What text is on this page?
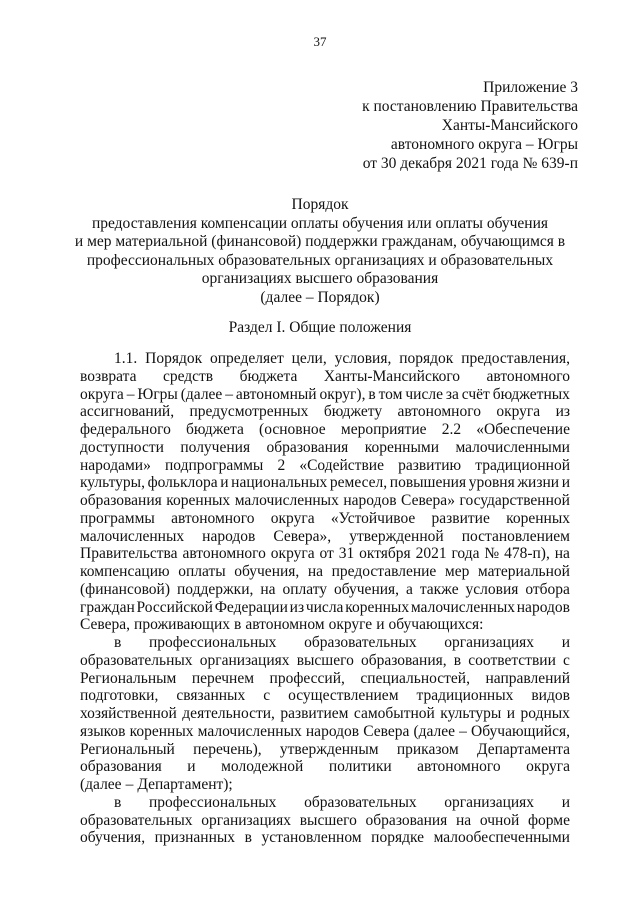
37
Приложение 3
к постановлению Правительства
Ханты-Мансийского
автономного округа – Югры
от 30 декабря 2021 года № 639-п
Порядок
предоставления компенсации оплаты обучения или оплаты обучения
и мер материальной (финансовой) поддержки гражданам, обучающимся в
профессиональных образовательных организациях и образовательных
организациях высшего образования
(далее – Порядок)
Раздел I. Общие положения
1.1. Порядок определяет цели, условия, порядок предоставления,
возврата средств бюджета Ханты-Мансийского автономного
округа – Югры (далее – автономный округ), в том числе за счёт бюджетных
ассигнований, предусмотренных бюджету автономного округа из
федерального бюджета (основное мероприятие 2.2 «Обеспечение
доступности получения образования коренными малочисленными
народами» подпрограммы 2 «Содействие развитию традиционной
культуры, фольклора и национальных ремесел, повышения уровня жизни и
образования коренных малочисленных народов Севера» государственной
программы автономного округа «Устойчивое развитие коренных
малочисленных народов Севера», утвержденной постановлением
Правительства автономного округа от 31 октября 2021 года № 478-п), на
компенсацию оплаты обучения, на предоставление мер материальной
(финансовой) поддержки, на оплату обучения, а также условия отбора
граждан Российской Федерации из числа коренных малочисленных народов
Севера, проживающих в автономном округе и обучающихся:
в профессиональных образовательных организациях и
образовательных организациях высшего образования, в соответствии с
Региональным перечнем профессий, специальностей, направлений
подготовки, связанных с осуществлением традиционных видов
хозяйственной деятельности, развитием самобытной культуры и родных
языков коренных малочисленных народов Севера (далее – Обучающийся,
Региональный перечень), утвержденным приказом Департамента
образования и молодежной политики автономного округа
(далее – Департамент);
в профессиональных образовательных организациях и
образовательных организациях высшего образования на очной форме
обучения, признанных в установленном порядке малообеспеченными
